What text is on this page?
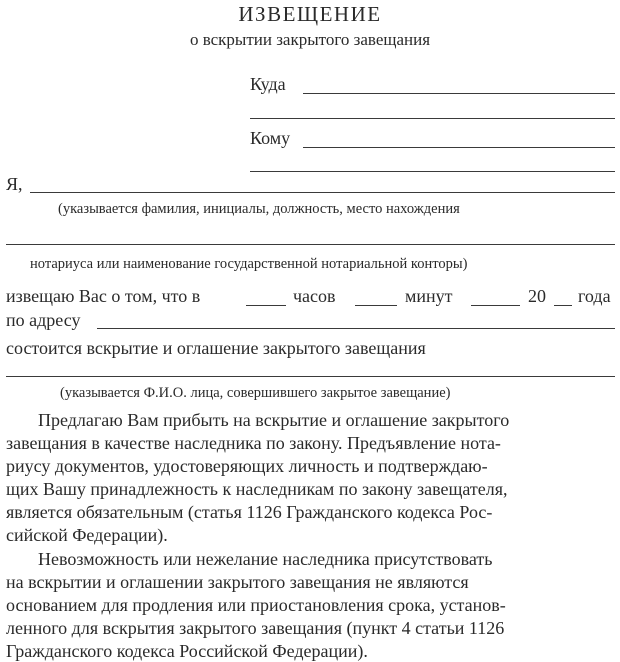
ИЗВЕЩЕНИЕ
о вскрытии закрытого завещания
Куда
Кому
Я,
(указывается фамилия, инициалы, должность, место нахождения
нотариуса или наименование государственной нотариальной конторы)
извещаю Вас о том, что в	часов	минут	20 года
по адресу
состоится вскрытие и оглашение закрытого завещания
(указывается Ф.И.О. лица, совершившего закрытое завещание)
Предлагаю Вам прибыть на вскрытие и оглашение закрытого
завещания в качестве наследника по закону. Предъявление нота-
риусу документов, удостоверяющих личность и подтверждаю-
щих Вашу принадлежность к наследникам по закону завещателя,
является обязательным (статья 1126 Гражданского кодекса Рос-
сийской Федерации).
Невозможность или нежелание наследника присутствовать
на вскрытии и оглашении закрытого завещания не являются
основанием для продления или приостановления срока, установ-
ленного для вскрытия закрытого завещания (пункт 4 статьи 1126
Гражданского кодекса Российской Федерации).
